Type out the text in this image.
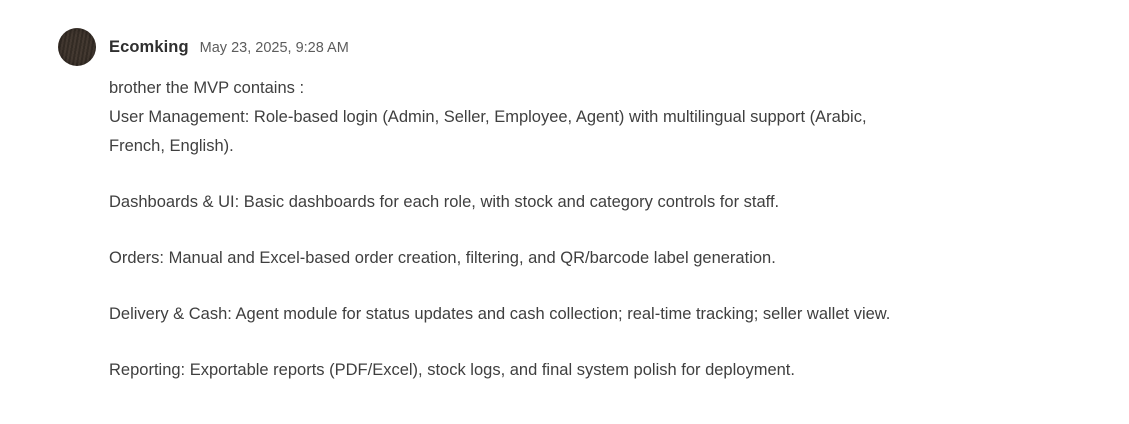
Ecomking May 23, 2025, 9:28 AM

brother the MVP contains :

User Management: Role-based login (Admin, Seller, Employee, Agent) with multilingual support (Arabic, French, English).

Dashboards & UI: Basic dashboards for each role, with stock and category controls for staff.

Orders: Manual and Excel-based order creation, filtering, and QR/barcode label generation.

Delivery & Cash: Agent module for status updates and cash collection; real-time tracking; seller wallet view.

Reporting: Exportable reports (PDF/Excel), stock logs, and final system polish for deployment.
